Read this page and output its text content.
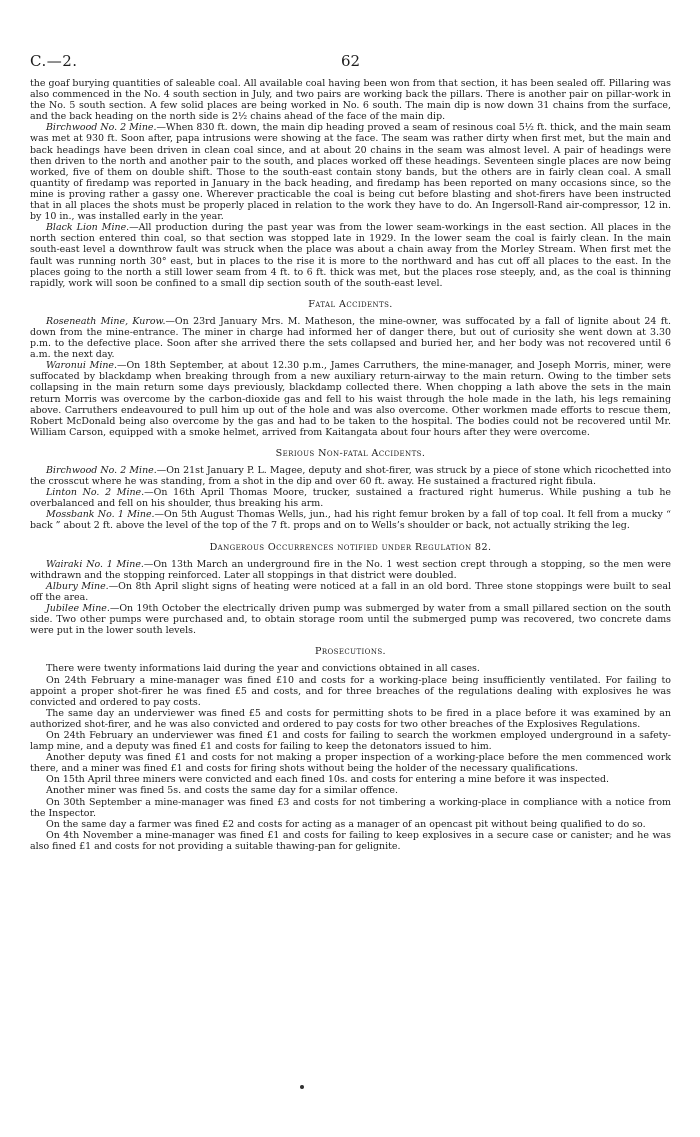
C.—2.	62

the goaf burying quantities of saleable coal. All available coal having been won from that section, it has been sealed off. Pillaring was also commenced in the No. 4 south section in July, and two pairs are working back the pillars. There is another pair on pillar-work in the No. 5 south section. A few solid places are being worked in No. 6 south. The main dip is now down 31 chains from the surface, and the back heading on the north side is 2½ chains ahead of the face of the main dip.

Birchwood No. 2 Mine.—When 830 ft. down, the main dip heading proved a seam of resinous coal 5½ ft. thick, and the main seam was met at 930 ft. Soon after, papa intrusions were showing at the face. The seam was rather dirty when first met, but the main and back headings have been driven in clean coal since, and at about 20 chains in the seam was almost level. A pair of headings were then driven to the north and another pair to the south, and places worked off these headings. Seventeen single places are now being worked, five of them on double shift. Those to the south-east contain stony bands, but the others are in fairly clean coal. A small quantity of firedamp was reported in January in the back heading, and firedamp has been reported on many occasions since, so the mine is proving rather a gassy one. Wherever practicable the coal is being cut before blasting and shot-firers have been instructed that in all places the shots must be properly placed in relation to the work they have to do. An Ingersoll-Rand air-compressor, 12 in. by 10 in., was installed early in the year.

Black Lion Mine.—All production during the past year was from the lower seam-workings in the east section. All places in the north section entered thin coal, so that section was stopped late in 1929. In the lower seam the coal is fairly clean. In the main south-east level a downthrow fault was struck when the place was about a chain away from the Morley Stream. When first met the fault was running north 30° east, but in places to the rise it is more to the northward and has cut off all places to the east. In the places going to the north a still lower seam from 4 ft. to 6 ft. thick was met, but the places rose steeply, and, as the coal is thinning rapidly, work will soon be confined to a small dip section south of the south-east level.

Fatal Accidents.

Roseneath Mine, Kurow.—On 23rd January Mrs. M. Matheson, the mine-owner, was suffocated by a fall of lignite about 24 ft. down from the mine-entrance. The miner in charge had informed her of danger there, but out of curiosity she went down at 3.30 p.m. to the defective place. Soon after she arrived there the sets collapsed and buried her, and her body was not recovered until 6 a.m. the next day.

Waronui Mine.—On 18th September, at about 12.30 p.m., James Carruthers, the mine-manager, and Joseph Morris, miner, were suffocated by blackdamp when breaking through from a new auxiliary return-airway to the main return. Owing to the timber sets collapsing in the main return some days previously, blackdamp collected there. When chopping a lath above the sets in the main return Morris was overcome by the carbon-dioxide gas and fell to his waist through the hole made in the lath, his legs remaining above. Carruthers endeavoured to pull him up out of the hole and was also overcome. Other workmen made efforts to rescue them, Robert McDonald being also overcome by the gas and had to be taken to the hospital. The bodies could not be recovered until Mr. William Carson, equipped with a smoke helmet, arrived from Kaitangata about four hours after they were overcome.

Serious Non-fatal Accidents.

Birchwood No. 2 Mine.—On 21st January P. L. Magee, deputy and shot-firer, was struck by a piece of stone which ricochetted into the crosscut where he was standing, from a shot in the dip and over 60 ft. away. He sustained a fractured right fibula.

Linton No. 2 Mine.—On 16th April Thomas Moore, trucker, sustained a fractured right humerus. While pushing a tub he overbalanced and fell on his shoulder, thus breaking his arm.

Mossbank No. 1 Mine.—On 5th August Thomas Wells, jun., had his right femur broken by a fall of top coal. It fell from a mucky “ back ” about 2 ft. above the level of the top of the 7 ft. props and on to Wells’s shoulder or back, not actually striking the leg.

Dangerous Occurrences notified under Regulation 82.

Wairaki No. 1 Mine.—On 13th March an underground fire in the No. 1 west section crept through a stopping, so the men were withdrawn and the stopping reinforced. Later all stoppings in that district were doubled.

Albury Mine.—On 8th April slight signs of heating were noticed at a fall in an old bord. Three stone stoppings were built to seal off the area.

Jubilee Mine.—On 19th October the electrically driven pump was submerged by water from a small pillared section on the south side. Two other pumps were purchased and, to obtain storage room until the submerged pump was recovered, two concrete dams were put in the lower south levels.

Prosecutions.

There were twenty informations laid during the year and convictions obtained in all cases.

On 24th February a mine-manager was fined £10 and costs for a working-place being insufficiently ventilated. For failing to appoint a proper shot-firer he was fined £5 and costs, and for three breaches of the regulations dealing with explosives he was convicted and ordered to pay costs.

The same day an underviewer was fined £5 and costs for permitting shots to be fired in a place before it was examined by an authorized shot-firer, and he was also convicted and ordered to pay costs for two other breaches of the Explosives Regulations.

On 24th February an underviewer was fined £1 and costs for failing to search the workmen employed underground in a safety-lamp mine, and a deputy was fined £1 and costs for failing to keep the detonators issued to him.

Another deputy was fined £1 and costs for not making a proper inspection of a working-place before the men commenced work there, and a miner was fined £1 and costs for firing shots without being the holder of the necessary qualifications.

On 15th April three miners were convicted and each fined 10s. and costs for entering a mine before it was inspected.

Another miner was fined 5s. and costs the same day for a similar offence.

On 30th September a mine-manager was fined £3 and costs for not timbering a working-place in compliance with a notice from the Inspector.

On the same day a farmer was fined £2 and costs for acting as a manager of an opencast pit without being qualified to do so.

On 4th November a mine-manager was fined £1 and costs for failing to keep explosives in a secure case or canister; and he was also fined £1 and costs for not providing a suitable thawing-pan for gelignite.
